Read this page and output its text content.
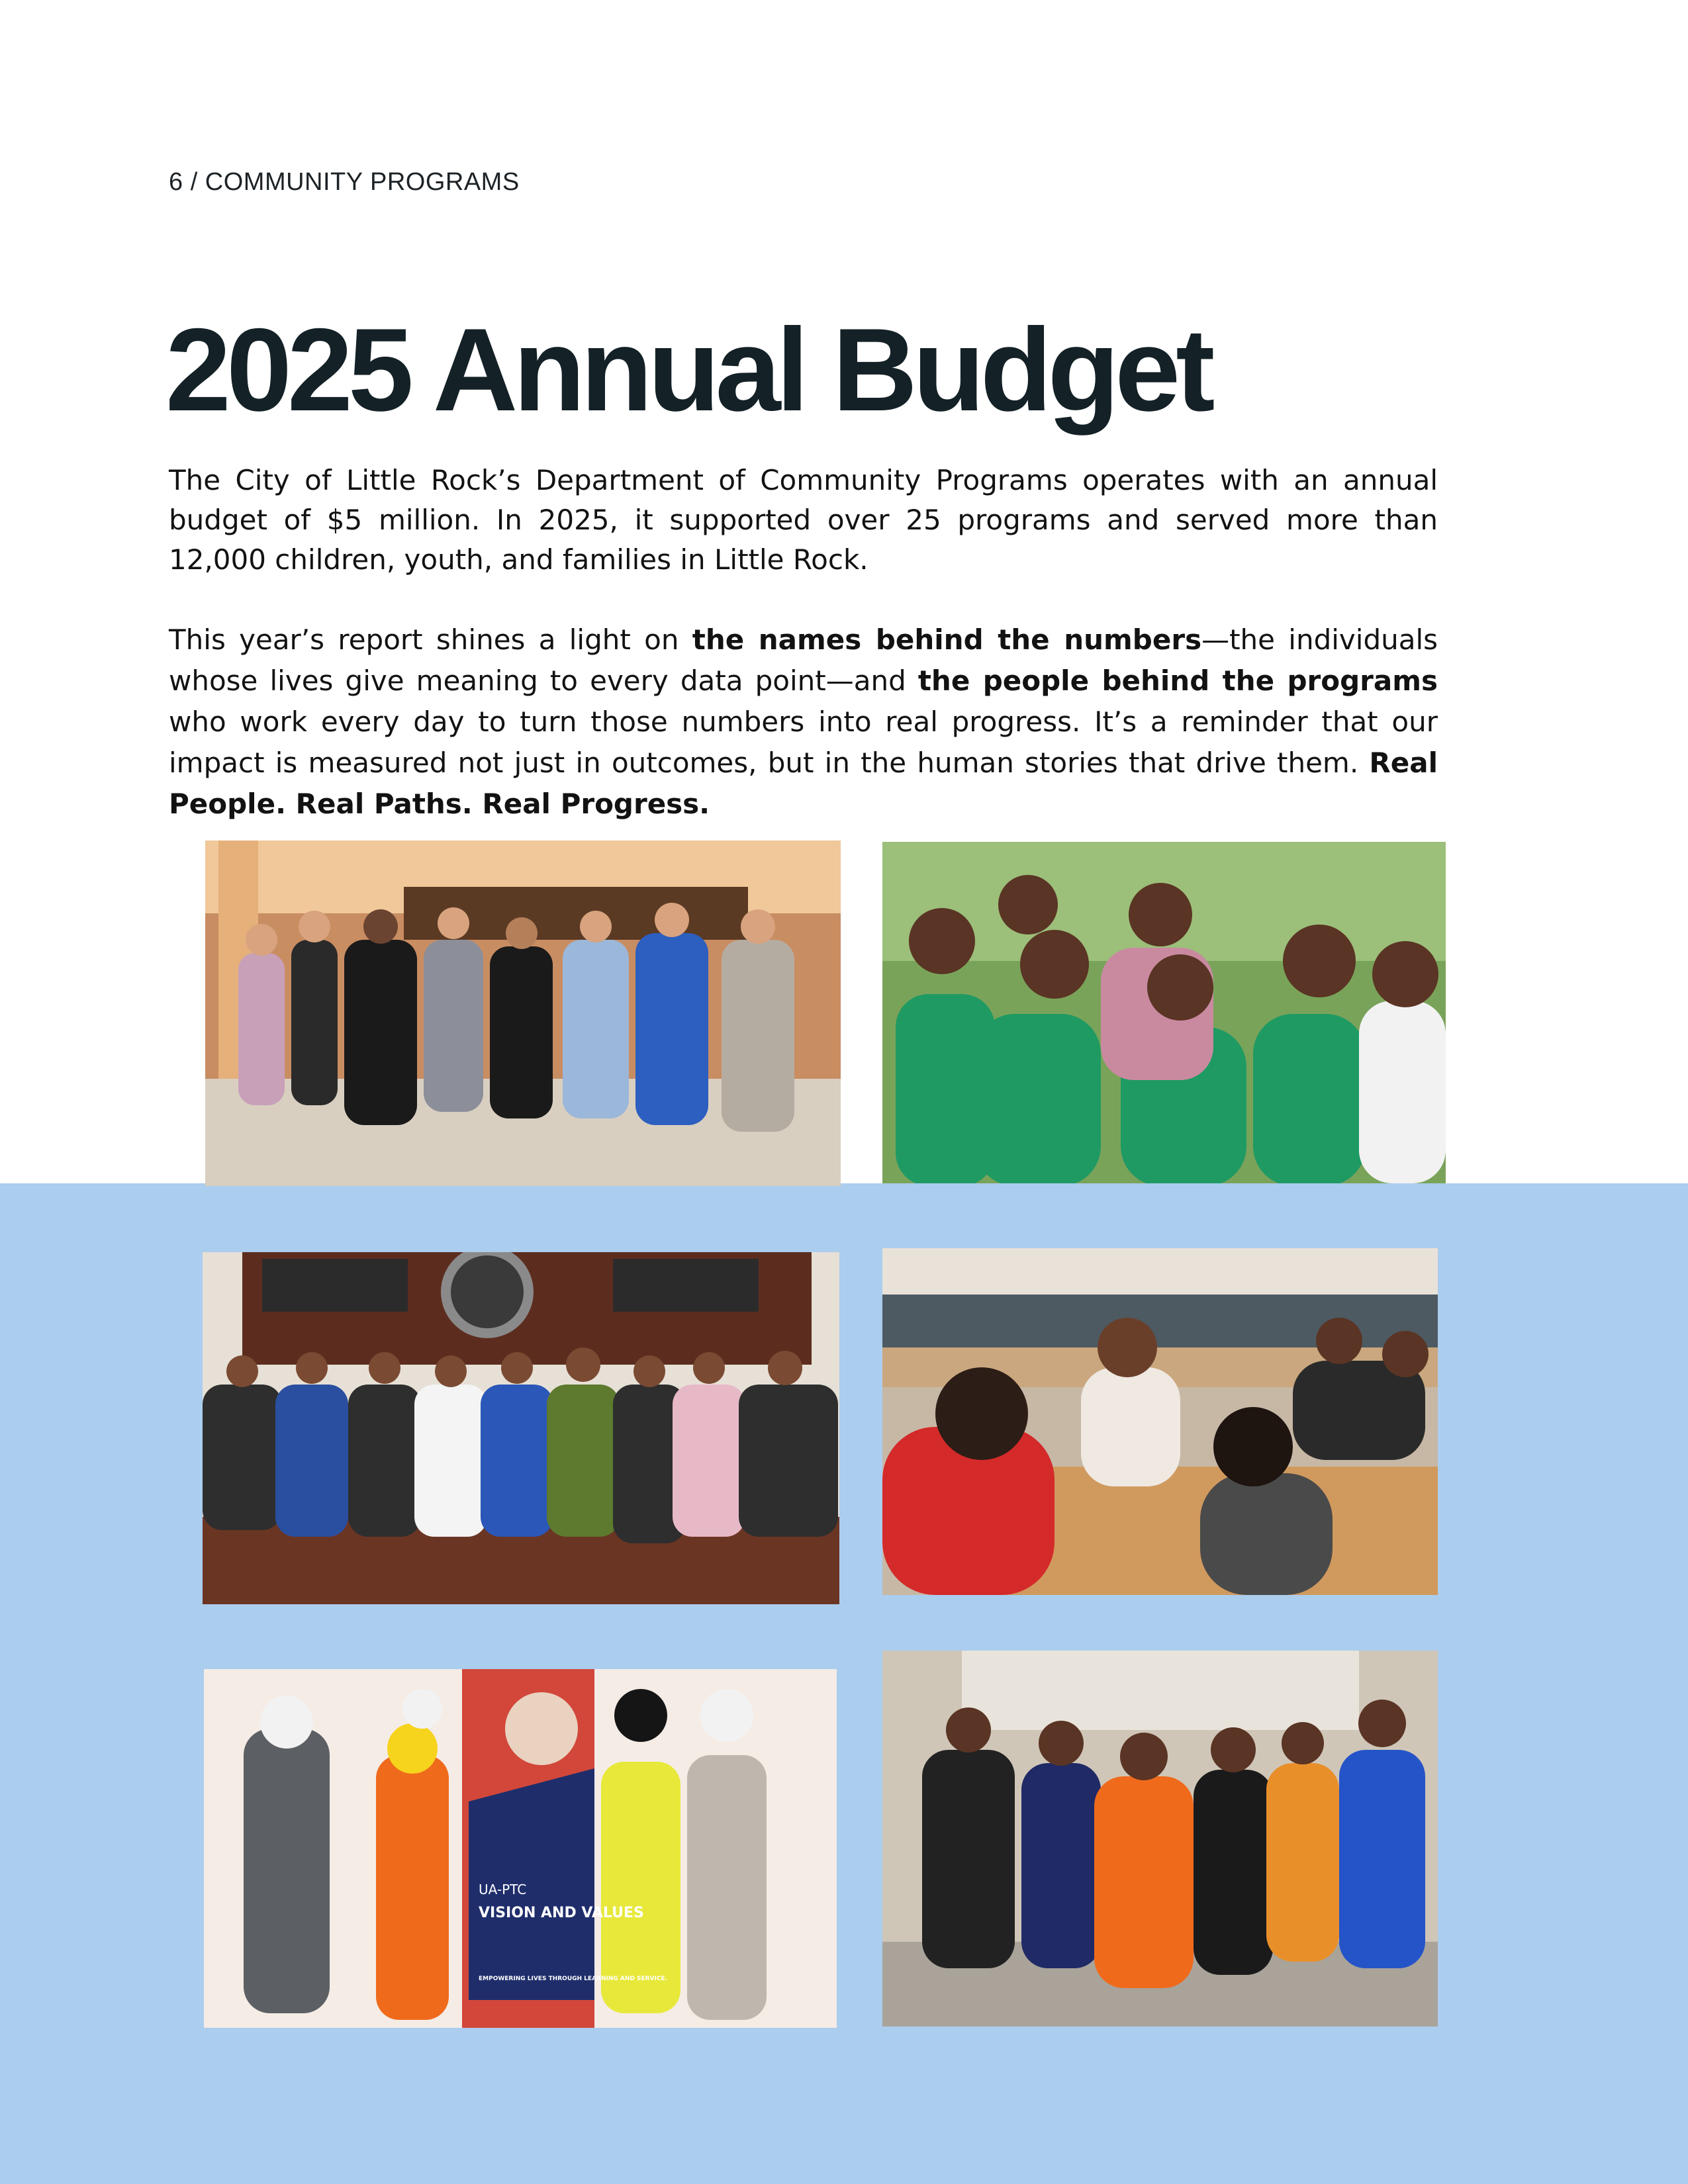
6 / COMMUNITY PROGRAMS
2025 Annual Budget

The City of Little Rock’s Department of Community Programs operates with an annual budget of $5 million. In 2025, it supported over 25 programs and served more than 12,000 children, youth, and families in Little Rock.

This year’s report shines a light on the names behind the numbers—the individuals whose lives give meaning to every data point—and the people behind the programs who work every day to turn those numbers into real progress. It’s a reminder that our impact is measured not just in outcomes, but in the human stories that drive them. Real People. Real Paths. Real Progress.

UA-PTC
VISION AND VALUES
EMPOWERING LIVES THROUGH LEARNING AND SERVICE.
